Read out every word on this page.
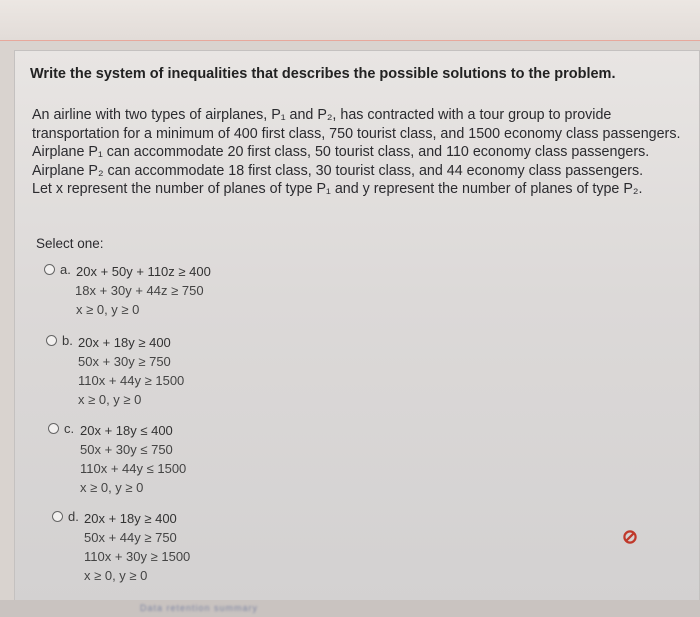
Write the system of inequalities that describes the possible solutions to the problem.

An airline with two types of airplanes, P₁ and P₂, has contracted with a tour group to provide

transportation for a minimum of 400 first class, 750 tourist class, and 1500 economy class passengers.

Airplane P₁ can accommodate 20 first class, 50 tourist class, and 110 economy class passengers.

Airplane P₂ can accommodate 18 first class, 30 tourist class, and 44 economy class passengers.

Let x represent the number of planes of type P₁ and y represent the number of planes of type P₂.

Select one:
a. 20x + 50y + 110z ≥ 400
18x + 30y + 44z ≥ 750
x ≥ 0, y ≥ 0
b. 20x + 18y ≥ 400
50x + 30y ≥ 750
110x + 44y ≥ 1500
x ≥ 0, y ≥ 0
c. 20x + 18y ≤ 400
50x + 30y ≤ 750
110x + 44y ≤ 1500
x ≥ 0, y ≥ 0
d. 20x + 18y ≥ 400
50x + 44y ≥ 750
110x + 30y ≥ 1500
x ≥ 0, y ≥ 0
Data retention summary
